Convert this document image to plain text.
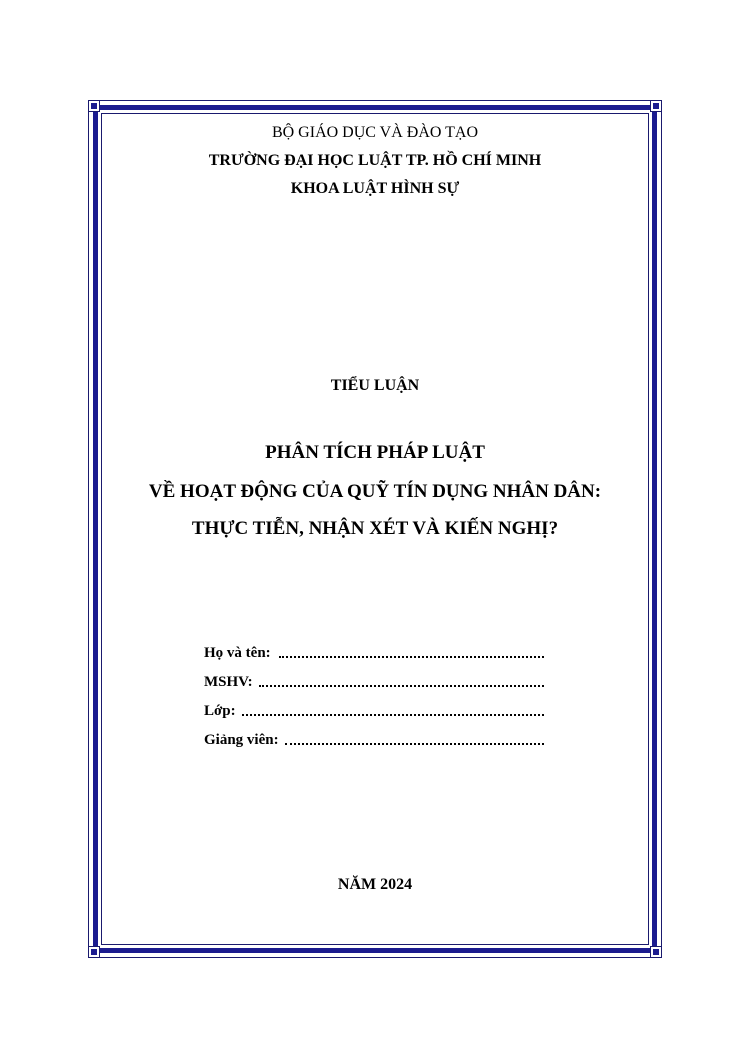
BỘ GIÁO DỤC VÀ ĐÀO TẠO
TRƯỜNG ĐẠI HỌC LUẬT TP. HỒ CHÍ MINH
KHOA LUẬT HÌNH SỰ
TIỂU LUẬN
PHÂN TÍCH PHÁP LUẬT
VỀ HOẠT ĐỘNG CỦA QUỸ TÍN DỤNG NHÂN DÂN:
THỰC TIỄN, NHẬN XÉT VÀ KIẾN NGHỊ?
Họ và tên:
MSHV:
Lớp:
Giảng viên:
NĂM 2024
